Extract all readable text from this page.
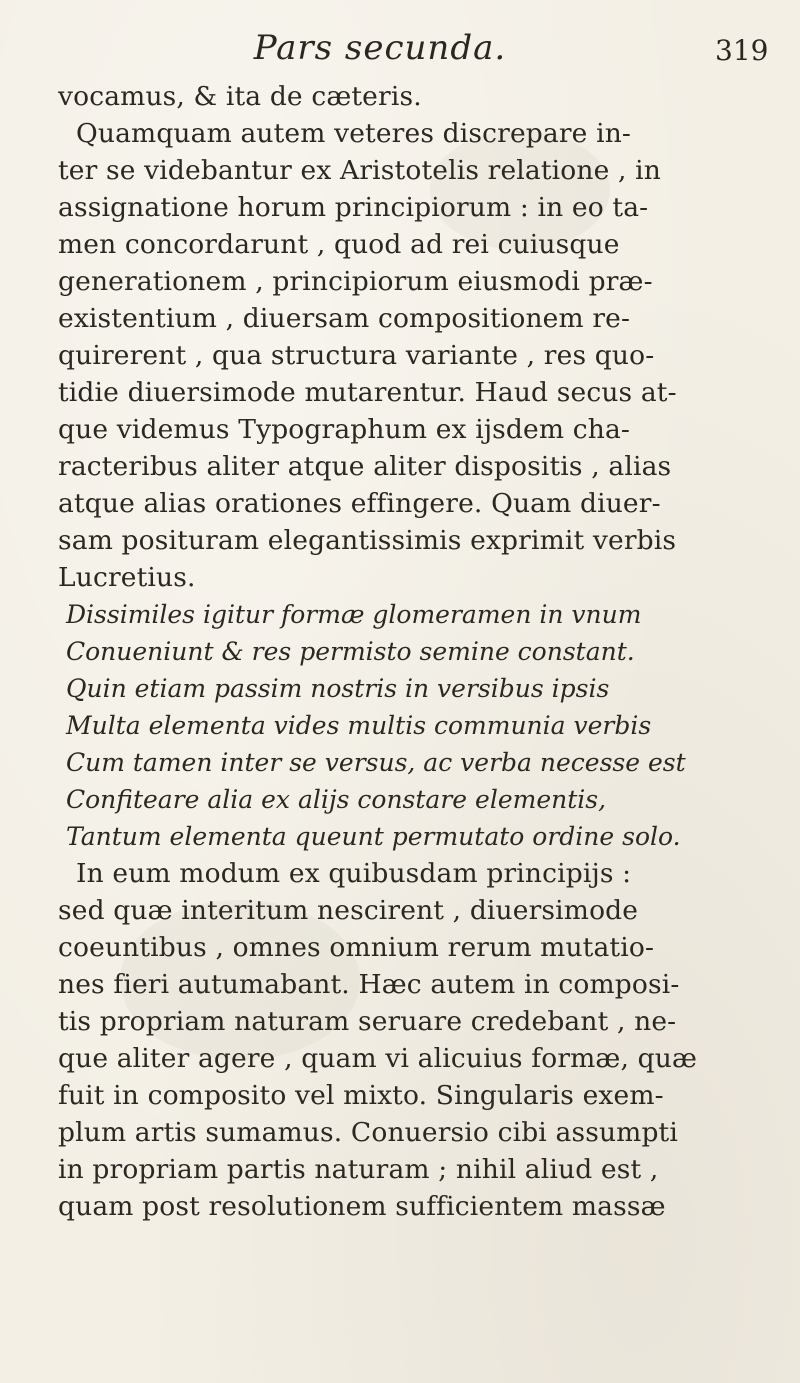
Pars secunda.	319
vocamus, & ita de cæteris.
Quamquam autem veteres discrepare in-
ter se videbantur ex Aristotelis relatione , in
assignatione horum principiorum : in eo ta-
men concordarunt , quod ad rei cuiusque
generationem , principiorum eiusmodi præ-
existentium , diuersam compositionem re-
quirerent , qua structura variante , res quo-
tidie diuersimode mutarentur. Haud secus at-
que videmus Typographum ex ijsdem cha-
racteribus aliter atque aliter dispositis , alias
atque alias orationes effingere. Quam diuer-
sam posituram elegantissimis exprimit verbis
Lucretius.
Dissimiles igitur formæ glomeramen in vnum
Conueniunt & res permisto semine constant.
Quin etiam passim nostris in versibus ipsis
Multa elementa vides multis communia verbis
Cum tamen inter se versus, ac verba necesse est
Confiteare alia ex alijs constare elementis,
Tantum elementa queunt permutato ordine solo.
In eum modum ex quibusdam principijs :
sed quæ interitum nescirent , diuersimode
coeuntibus , omnes omnium rerum mutatio-
nes fieri autumabant. Hæc autem in composi-
tis propriam naturam seruare credebant , ne-
que aliter agere , quam vi alicuius formæ, quæ
fuit in composito vel mixto. Singularis exem-
plum artis sumamus. Conuersio cibi assumpti
in propriam partis naturam ; nihil aliud est ,
quam post resolutionem sufficientem massæ
